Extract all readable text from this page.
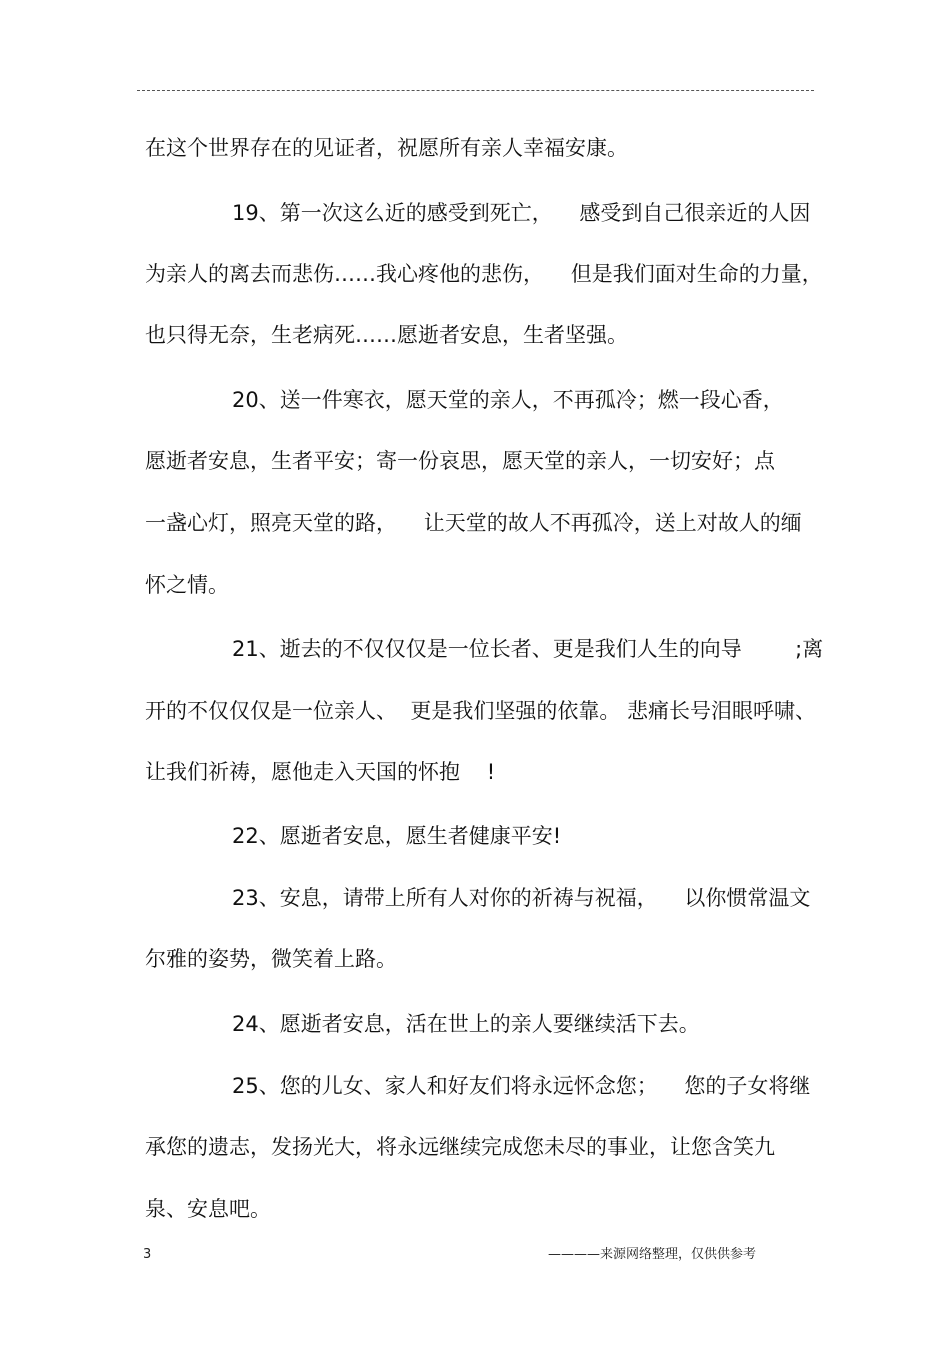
在这个世界存在的见证者，祝愿所有亲人幸福安康。
19、第一次这么近的感受到死亡，    感受到自己很亲近的人因
为亲人的离去而悲伤……我心疼他的悲伤，    但是我们面对生命的力量，
也只得无奈，生老病死……愿逝者安息，生者坚强。
20、送一件寒衣，愿天堂的亲人，不再孤冷；燃一段心香，
愿逝者安息，生者平安；寄一份哀思，愿天堂的亲人，一切安好；点
一盏心灯，照亮天堂的路，    让天堂的故人不再孤冷，送上对故人的缅
怀之情。
21、逝去的不仅仅仅是一位长者、更是我们人生的向导        ;离
开的不仅仅仅是一位亲人、  更是我们坚强的依靠。 悲痛长号泪眼呼啸、
让我们祈祷，愿他走入天国的怀抱    !
22、愿逝者安息，愿生者健康平安!
23、安息，请带上所有人对你的祈祷与祝福，    以你惯常温文
尔雅的姿势，微笑着上路。
24、愿逝者安息，活在世上的亲人要继续活下去。
25、您的儿女、家人和好友们将永远怀念您；    您的子女将继
承您的遗志，发扬光大，将永远继续完成您未尽的事业，让您含笑九
泉、安息吧。
3	————来源网络整理，仅供供参考
